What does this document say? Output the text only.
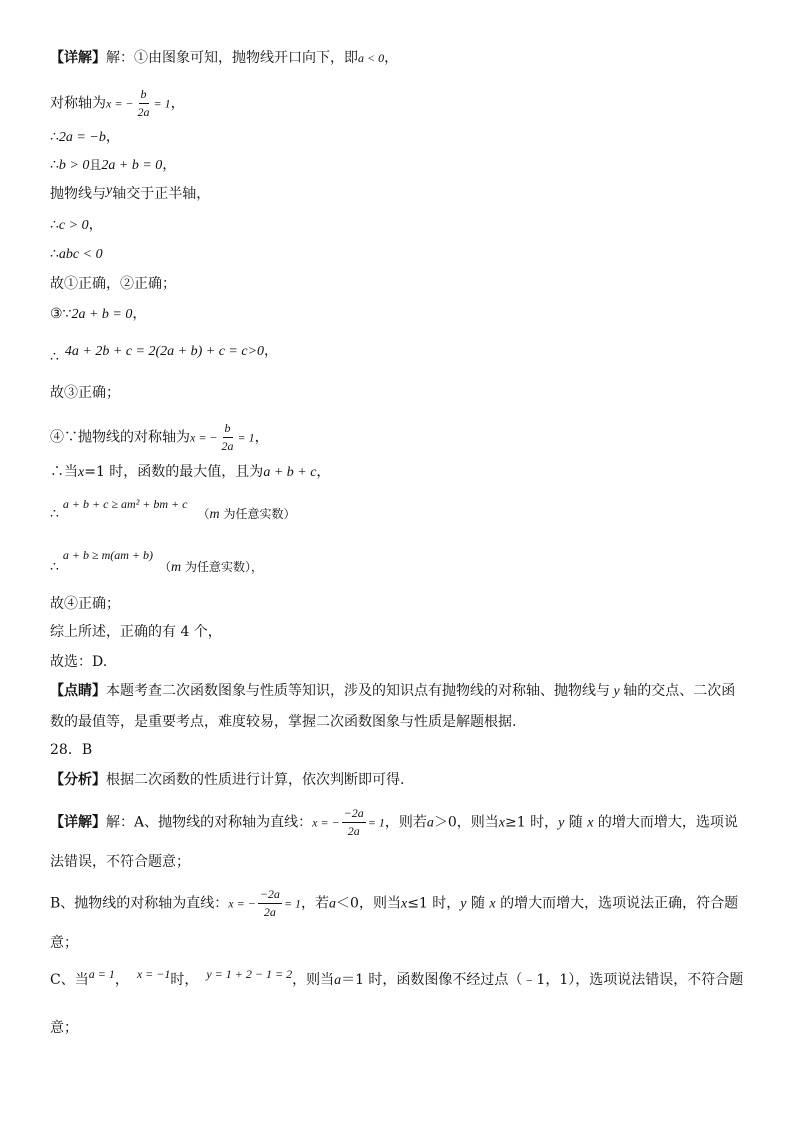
【详解】解：①由图象可知，抛物线开口向下，即a < 0，
对称轴为x = − $\frac{b}{2a} = 1$，
∴2a = −b，
∴b > 0且2a + b = 0，
抛物线与y轴交于正半轴，
∴c > 0，
∴abc < 0
故①正确，②正确；
③∵2a + b = 0，
∴ 4a + 2b + c = 2(2a + b) + c = c>0，
故③正确；
④∵抛物线的对称轴为x = − $\frac{b}{2a} = 1$，
∴当x=1 时，函数的最大值，且为a + b + c，
∴a + b + c ≥ am² + bm + c（m 为任意实数）
∴a + b ≥ m(am + b)（m 为任意实数），
故④正确；
综上所述，正确的有 4 个，
故选：D.
【点睛】本题考查二次函数图象与性质等知识，涉及的知识点有抛物线的对称轴、抛物线与 y 轴的交点、二次函
数的最值等，是重要考点，难度较易，掌握二次函数图象与性质是解题根据.
28．B
【分析】根据二次函数的性质进行计算，依次判断即可得.
【详解】解：A、抛物线的对称轴为直线：x = − $\frac{-2a}{2a} = 1$，则若a＞0，则当x≥1 时，y 随 x 的增大而增大，选项说
法错误，不符合题意；
B、抛物线的对称轴为直线：x = − $\frac{-2a}{2a} = 1$，若a＜0，则当x≤1 时，y 随 x 的增大而增大，选项说法正确，符合题
意；
C、当a = 1， x = −1时， y = 1 + 2 − 1 = 2，则当a＝1 时，函数图像不经过点（﹣1，1），选项说法错误，不符合题
意；
